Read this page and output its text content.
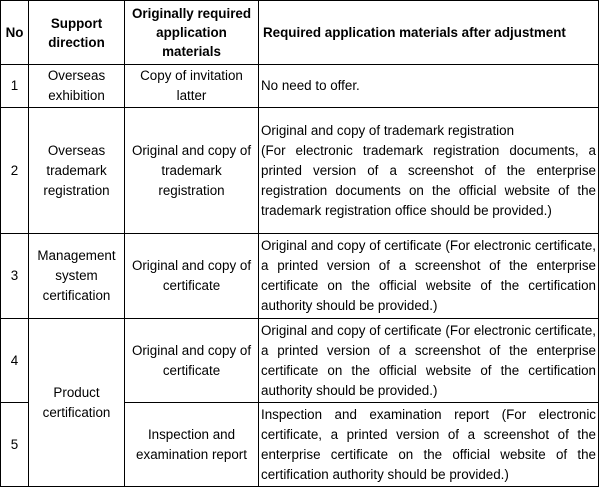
No	Support direction	Originally required application materials	Required application materials after adjustment
1	Overseas exhibition	Copy of invitation latter	No need to offer.
2	Overseas trademark registration	Original and copy of trademark registration	Original and copy of trademark registration
(For electronic trademark registration documents, a printed version of a screenshot of the enterprise registration documents on the official website of the trademark registration office should be provided.)

3	Management system certification	Original and copy of certificate	Original and copy of certificate (For electronic certificate, a printed version of a screenshot of the enterprise certificate on the official website of the certification authority should be provided.)
4	Product certification	Original and copy of certificate	Original and copy of certificate (For electronic certificate, a printed version of a screenshot of the enterprise certificate on the official website of the certification authority should be provided.)
5		Inspection and examination report	Inspection and examination report (For electronic certificate, a printed version of a screenshot of the enterprise certificate on the official website of the certification authority should be provided.)
